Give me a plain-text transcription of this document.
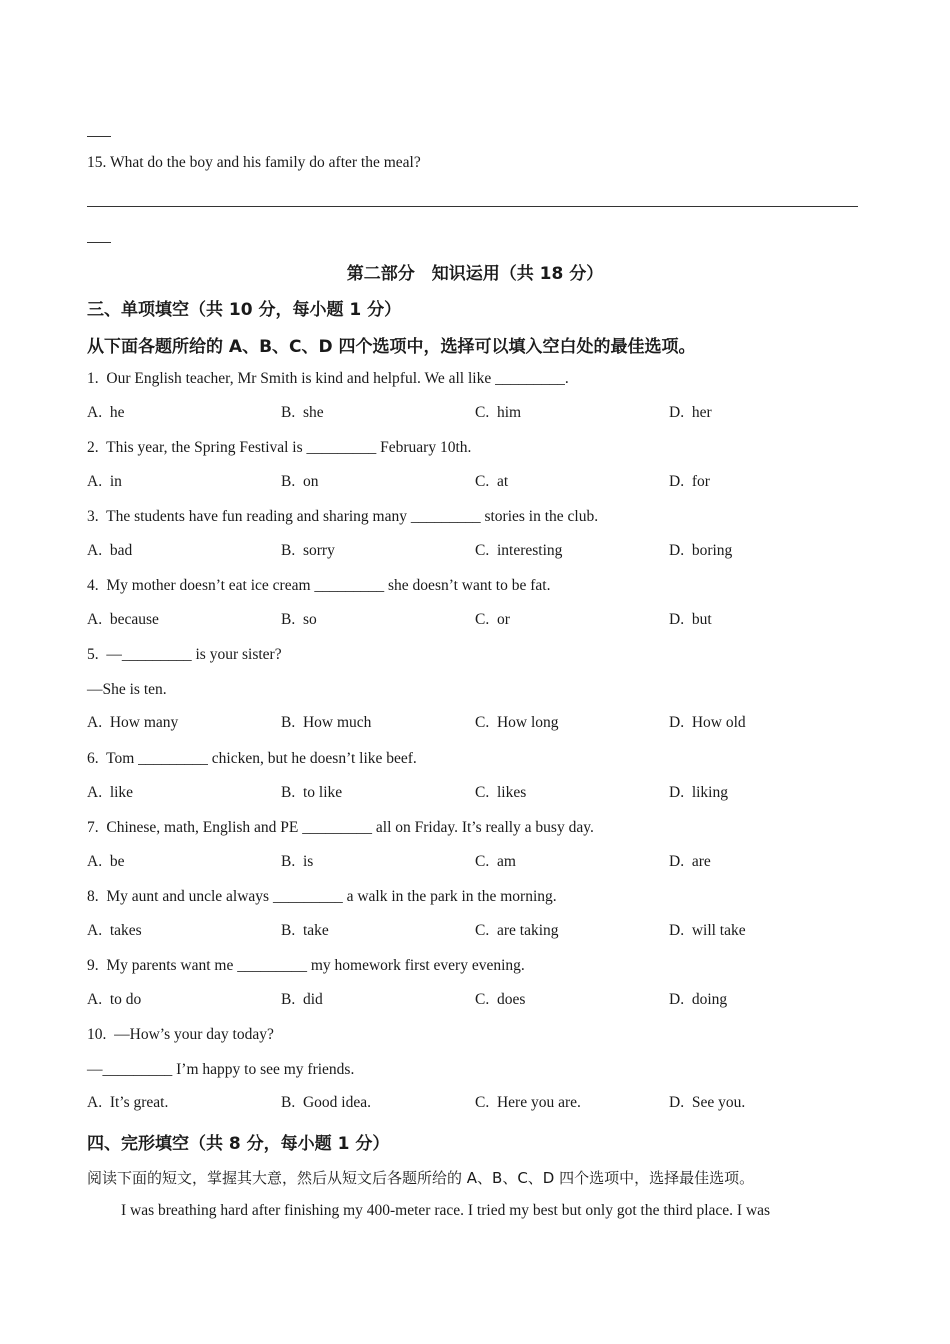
15. What do the boy and his family do after the meal?
第二部分　知识运用（共 18 分）
三、单项填空（共 10 分，每小题 1 分）
从下面各题所给的 A、B、C、D 四个选项中，选择可以填入空白处的最佳选项。
1.  Our English teacher, Mr Smith is kind and helpful. We all like _________.
A.  he	B.  she	C.  him	D.  her
2.  This year, the Spring Festival is _________ February 10th.
A.  in	B.  on	C.  at	D.  for
3.  The students have fun reading and sharing many _________ stories in the club.
A.  bad	B.  sorry	C.  interesting	D.  boring
4.  My mother doesn’t eat ice cream _________ she doesn’t want to be fat.
A.  because	B.  so	C.  or	D.  but
5.  —_________ is your sister?
—She is ten.
A.  How many	B.  How much	C.  How long	D.  How old
6.  Tom _________ chicken, but he doesn’t like beef.
A.  like	B.  to like	C.  likes	D.  liking
7.  Chinese, math, English and PE _________ all on Friday. It’s really a busy day.
A.  be	B.  is	C.  am	D.  are
8.  My aunt and uncle always _________ a walk in the park in the morning.
A.  takes	B.  take	C.  are taking	D.  will take
9.  My parents want me _________ my homework first every evening.
A.  to do	B.  did	C.  does	D.  doing
10.  —How’s your day today?
—_________ I’m happy to see my friends.
A.  It’s great.	B.  Good idea.	C.  Here you are.	D.  See you.
四、完形填空（共 8 分，每小题 1 分）
阅读下面的短文，掌握其大意，然后从短文后各题所给的 A、B、C、D 四个选项中，选择最佳选项。
I was breathing hard after finishing my 400-meter race. I tried my best but only got the third place. I was
